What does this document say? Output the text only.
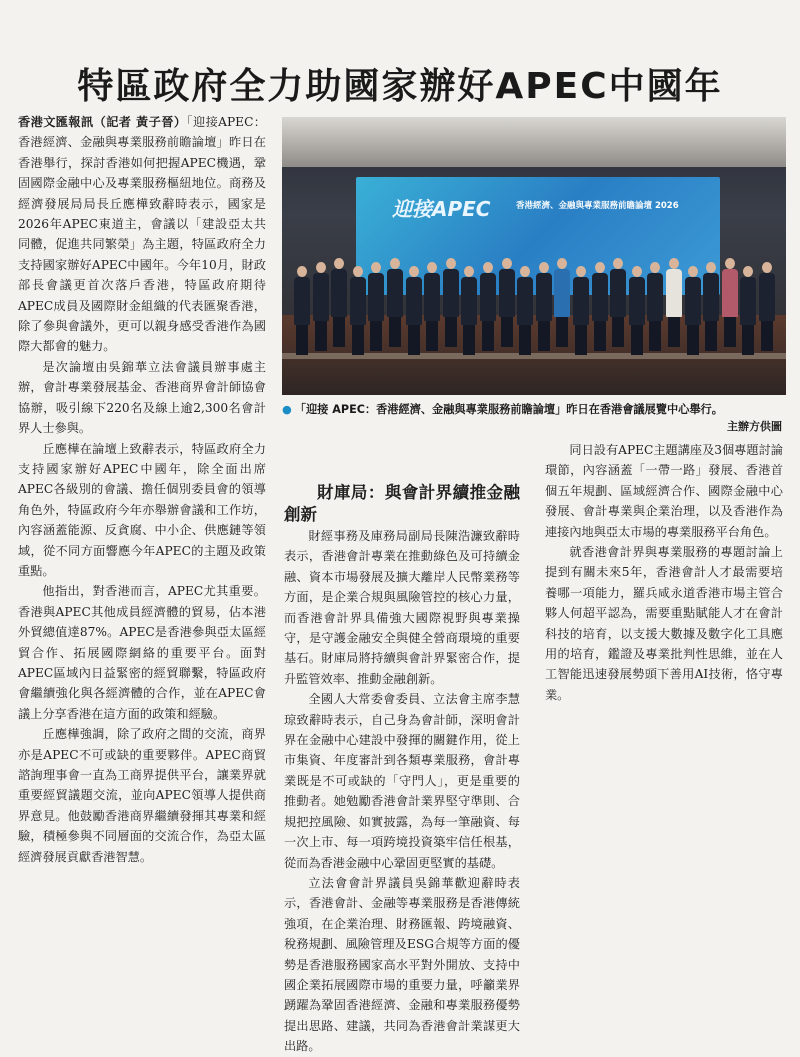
特區政府全力助國家辦好APEC中國年
迎接APEC	香港經濟、金融與專業服務前瞻論壇 2026
● 「迎接 APEC：香港經濟、金融與專業服務前瞻論壇」昨日在香港會議展覽中心舉行。
主辦方供圖

香港文匯報訊（記者 黃子晉）「迎接APEC：香港經濟、金融與專業服務前瞻論壇」昨日在香港舉行，探討香港如何把握APEC機遇，鞏固國際金融中心及專業服務樞紐地位。商務及經濟發展局局長丘應樺致辭時表示，國家是2026年APEC東道主，會議以「建設亞太共同體，促進共同繁榮」為主題，特區政府全力支持國家辦好APEC中國年。今年10月，財政部長會議更首次落戶香港，特區政府期待APEC成員及國際財金組織的代表匯聚香港，除了參與會議外，更可以親身感受香港作為國際大都會的魅力。

是次論壇由吳錦華立法會議員辦事處主辦，會計專業發展基金、香港商界會計師協會協辦，吸引線下220名及線上逾2,300名會計界人士參與。

丘應樺在論壇上致辭表示，特區政府全力支持國家辦好APEC中國年，除全面出席APEC各級別的會議、擔任個別委員會的領導角色外，特區政府今年亦舉辦會議和工作坊，內容涵蓋能源、反貪腐、中小企、供應鏈等領域，從不同方面響應今年APEC的主題及政策重點。

他指出，對香港而言，APEC尤其重要。香港與APEC其他成員經濟體的貿易，佔本港外貿總值達87%。APEC是香港參與亞太區經貿合作、拓展國際網絡的重要平台。面對APEC區域內日益緊密的經貿聯繫，特區政府會繼續強化與各經濟體的合作，並在APEC會議上分享香港在這方面的政策和經驗。

丘應樺強調，除了政府之間的交流，商界亦是APEC不可或缺的重要夥伴。APEC商貿諮詢理事會一直為工商界提供平台，讓業界就重要經貿議題交流，並向APEC領導人提供商界意見。他鼓勵香港商界繼續發揮其專業和經驗，積極參與不同層面的交流合作，為亞太區經濟發展貢獻香港智慧。

財庫局：與會計界續推金融創新

財經事務及庫務局副局長陳浩濂致辭時表示，香港會計專業在推動綠色及可持續金融、資本市場發展及擴大離岸人民幣業務等方面，是企業合規與風險管控的核心力量，而香港會計界具備強大國際視野與專業操守，是守護金融安全與健全營商環境的重要基石。財庫局將持續與會計界緊密合作，提升監管效率、推動金融創新。

全國人大常委會委員、立法會主席李慧琼致辭時表示，自己身為會計師，深明會計界在金融中心建設中發揮的關鍵作用，從上市集資、年度審計到各類專業服務，會計專業既是不可或缺的「守門人」，更是重要的推動者。她勉勵香港會計業界堅守準則、合規把控風險、如實披露，為每一筆融資、每一次上市、每一項跨境投資築牢信任根基，從而為香港金融中心鞏固更堅實的基礎。

立法會會計界議員吳錦華歡迎辭時表示，香港會計、金融等專業服務是香港傳統強項，在企業治理、財務匯報、跨境融資、稅務規劃、風險管理及ESG合規等方面的優勢是香港服務國家高水平對外開放、支持中國企業拓展國際市場的重要力量，呼籲業界踴躍為鞏固香港經濟、金融和專業服務優勢提出思路、建議，共同為香港會計業謀更大出路。

同日設有APEC主題講座及3個專題討論環節，內容涵蓋「一帶一路」發展、香港首個五年規劃、區域經濟合作、國際金融中心發展、會計專業與企業治理，以及香港作為連接內地與亞太市場的專業服務平台角色。

就香港會計界與專業服務的專題討論上提到有關未來5年，香港會計人才最需要培養哪一項能力，羅兵咸永道香港市場主管合夥人何超平認為，需要重點賦能人才在會計科技的培育，以支援大數據及數字化工具應用的培育，鑑證及專業批判性思維，並在人工智能迅速發展勢頭下善用AI技術，恪守專業。
